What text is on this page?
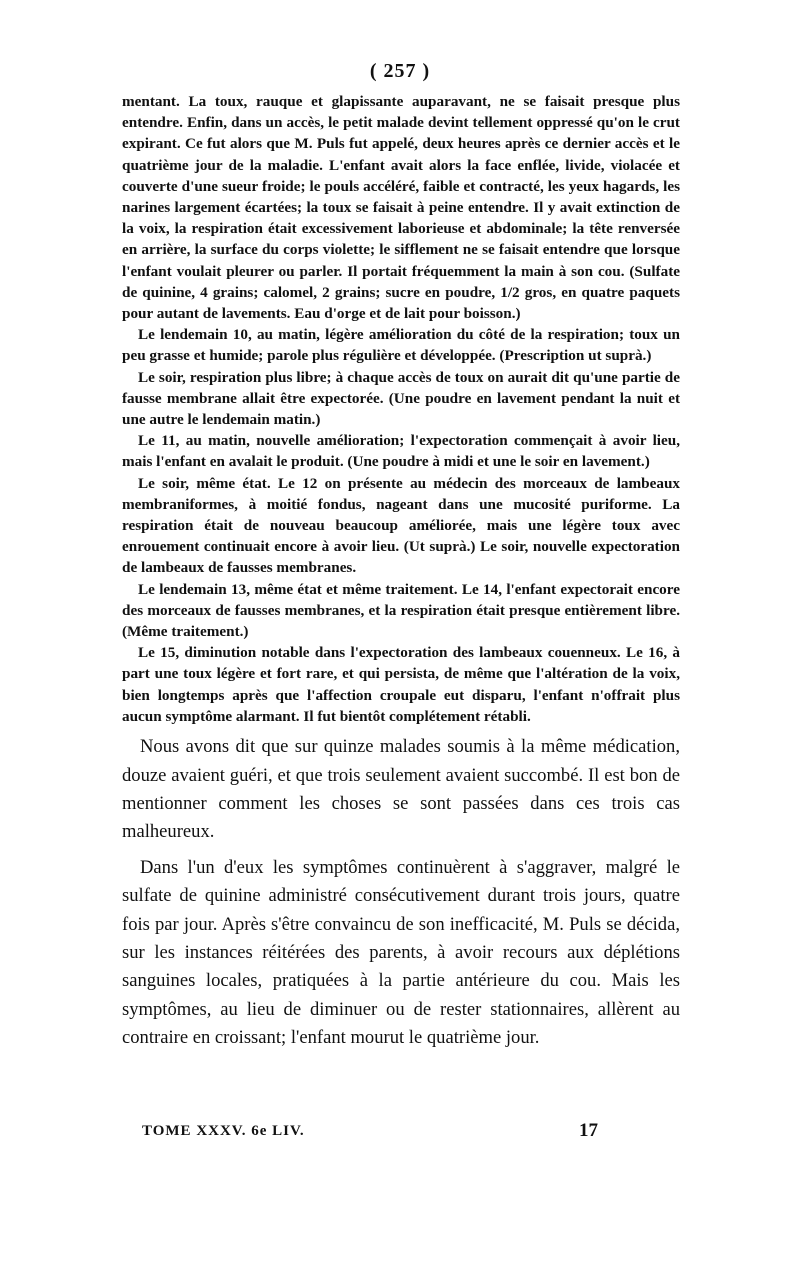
( 257 )

mentant. La toux, rauque et glapissante auparavant, ne se faisait presque plus entendre. Enfin, dans un accès, le petit malade devint tellement oppressé qu'on le crut expirant. Ce fut alors que M. Puls fut appelé, deux heures après ce dernier accès et le quatrième jour de la maladie. L'enfant avait alors la face enflée, livide, violacée et couverte d'une sueur froide; le pouls accéléré, faible et contracté, les yeux hagards, les narines largement écartées; la toux se faisait à peine entendre. Il y avait extinction de la voix, la respiration était excessivement laborieuse et abdominale; la tête renversée en arrière, la surface du corps violette; le sifflement ne se faisait entendre que lorsque l'enfant voulait pleurer ou parler. Il portait fréquemment la main à son cou. (Sulfate de quinine, 4 grains; calomel, 2 grains; sucre en poudre, 1/2 gros, en quatre paquets pour autant de lavements. Eau d'orge et de lait pour boisson.)

Le lendemain 10, au matin, légère amélioration du côté de la respiration; toux un peu grasse et humide; parole plus régulière et développée. (Prescription ut suprà.)

Le soir, respiration plus libre; à chaque accès de toux on aurait dit qu'une partie de fausse membrane allait être expectorée. (Une poudre en lavement pendant la nuit et une autre le lendemain matin.)

Le 11, au matin, nouvelle amélioration; l'expectoration commençait à avoir lieu, mais l'enfant en avalait le produit. (Une poudre à midi et une le soir en lavement.)

Le soir, même état. Le 12 on présente au médecin des morceaux de lambeaux membraniformes, à moitié fondus, nageant dans une mucosité puriforme. La respiration était de nouveau beaucoup améliorée, mais une légère toux avec enrouement continuait encore à avoir lieu. (Ut suprà.) Le soir, nouvelle expectoration de lambeaux de fausses membranes.

Le lendemain 13, même état et même traitement. Le 14, l'enfant expectorait encore des morceaux de fausses membranes, et la respiration était presque entièrement libre. (Même traitement.)

Le 15, diminution notable dans l'expectoration des lambeaux couenneux. Le 16, à part une toux légère et fort rare, et qui persista, de même que l'altération de la voix, bien longtemps après que l'affection croupale eut disparu, l'enfant n'offrait plus aucun symptôme alarmant. Il fut bientôt complétement rétabli.

Nous avons dit que sur quinze malades soumis à la même médication, douze avaient guéri, et que trois seulement avaient succombé. Il est bon de mentionner comment les choses se sont passées dans ces trois cas malheureux.

Dans l'un d'eux les symptômes continuèrent à s'aggraver, malgré le sulfate de quinine administré consécutivement durant trois jours, quatre fois par jour. Après s'être convaincu de son inefficacité, M. Puls se décida, sur les instances réitérées des parents, à avoir recours aux déplétions sanguines locales, pratiquées à la partie antérieure du cou. Mais les symptômes, au lieu de diminuer ou de rester stationnaires, allèrent au contraire en croissant; l'enfant mourut le quatrième jour.

TOME XXXV. 6e LIV.	17
